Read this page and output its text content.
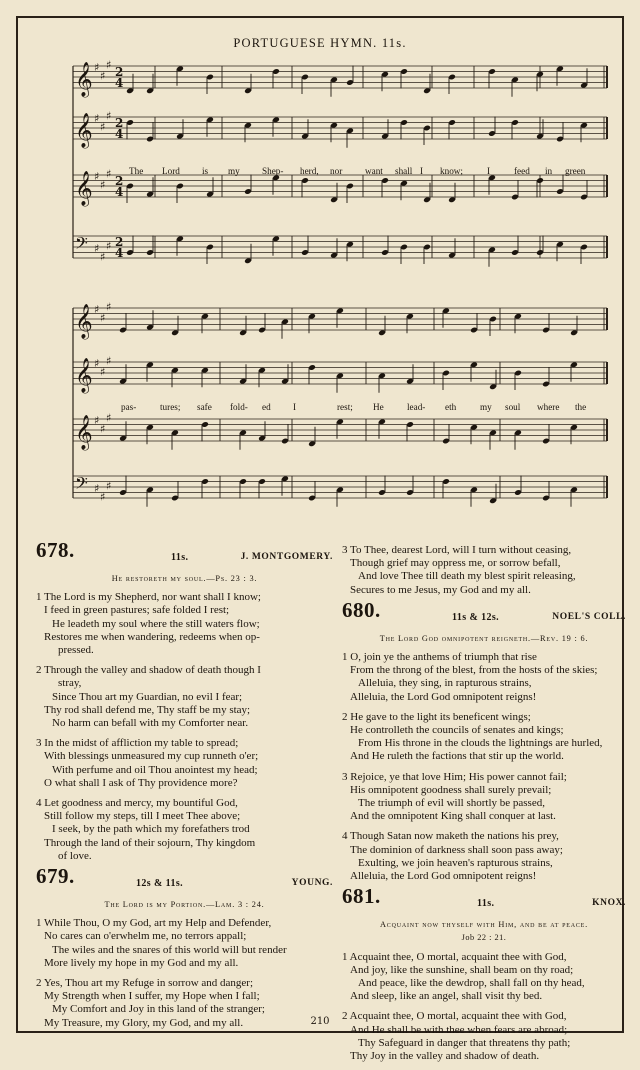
PORTUGUESE HYMN. 11s.
𝄞 ♯
♯
♯
2
4
𝄞 ♯
♯
♯
2
4
𝄞 ♯
♯
♯
2
4
𝄢 ♯
♯
♯ 2
4
𝄞 ♯
♯
♯
𝄞 ♯
♯
♯
𝄞 ♯
♯
♯
𝄢 ♯
♯
♯
The Lord is my Shep- herd, nor want shall I know;	I	feed in green
pas-	tures; safe fold- ed I	rest; He	lead- eth	my soul where the
678.	11s.	J. MONTGOMERY.
He restoreth my soul.—Ps. 23 : 3.
1 The Lord is my Shepherd, nor want shall I know;
I feed in green pastures; safe folded I rest;
He leadeth my soul where the still waters flow;
Restores me when wandering, redeems when op-
pressed.
2 Through the valley and shadow of death though I
stray,
Since Thou art my Guardian, no evil I fear;
Thy rod shall defend me, Thy staff be my stay;
No harm can befall with my Comforter near.
3 In the midst of affliction my table to spread;
With blessings unmeasured my cup runneth o'er;
With perfume and oil Thou anointest my head;
O what shall I ask of Thy providence more?
4 Let goodness and mercy, my bountiful God,
Still follow my steps, till I meet Thee above;
I seek, by the path which my forefathers trod
Through the land of their sojourn, Thy kingdom
of love.
679.	12s & 11s.	YOUNG.
The Lord is my Portion.—Lam. 3 : 24.
1 While Thou, O my God, art my Help and Defender,
No cares can o'erwhelm me, no terrors appall;
The wiles and the snares of this world will but render
More lively my hope in my God and my all.
2 Yes, Thou art my Refuge in sorrow and danger;
My Strength when I suffer, my Hope when I fall;
My Comfort and Joy in this land of the stranger;
My Treasure, my Glory, my God, and my all.
3 To Thee, dearest Lord, will I turn without ceasing,
Though grief may oppress me, or sorrow befall,
And love Thee till death my blest spirit releasing,
Secures to me Jesus, my God and my all.
680.	11s & 12s.	NOEL'S COLL.
The Lord God omnipotent reigneth.—Rev. 19 : 6.
1 O, join ye the anthems of triumph that rise
From the throng of the blest, from the hosts of the skies;
Alleluia, they sing, in rapturous strains,
Alleluia, the Lord God omnipotent reigns!
2 He gave to the light its beneficent wings;
He controlleth the councils of senates and kings;
From His throne in the clouds the lightnings are hurled,
And He ruleth the factions that stir up the world.
3 Rejoice, ye that love Him; His power cannot fail;
His omnipotent goodness shall surely prevail;
The triumph of evil will shortly be passed,
And the omnipotent King shall conquer at last.
4 Though Satan now maketh the nations his prey,
The dominion of darkness shall soon pass away;
Exulting, we join heaven's rapturous strains,
Alleluia, the Lord God omnipotent reigns!
681.	11s.	KNOX.
Acquaint now thyself with Him, and be at peace.
Job 22 : 21.
1 Acquaint thee, O mortal, acquaint thee with God,
And joy, like the sunshine, shall beam on thy road;
And peace, like the dewdrop, shall fall on thy head,
And sleep, like an angel, shall visit thy bed.
2 Acquaint thee, O mortal, acquaint thee with God,
And He shall be with thee when fears are abroad;
Thy Safeguard in danger that threatens thy path;
Thy Joy in the valley and shadow of death.
210
